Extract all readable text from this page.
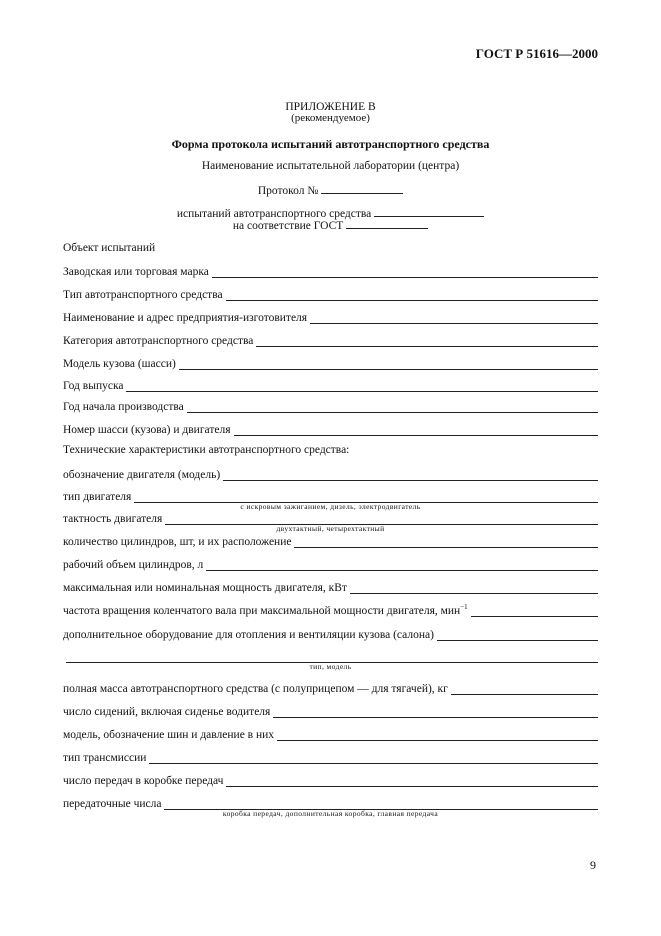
ГОСТ Р 51616—2000
ПРИЛОЖЕНИЕ В
(рекомендуемое)
Форма протокола испытаний автотранспортного средства
Наименование испытательной лаборатории (центра)
Протокол №
испытаний автотранспортного средства
на соответствие ГОСТ
Объект испытаний
Заводская или торговая марка
Тип автотранспортного средства
Наименование и адрес предприятия-изготовителя
Категория автотранспортного средства
Модель кузова (шасси)
Год выпуска
Год начала производства
Номер шасси (кузова) и двигателя
Технические характеристики автотранспортного средства:
обозначение двигателя (модель)
тип двигателя
с искровым зажиганием, дизель, электродвигатель
тактность двигателя
двухтактный, четырехтактный
количество цилиндров, шт, и их расположение
рабочий объем цилиндров, л
максимальная или номинальная мощность двигателя, кВт
частота вращения коленчатого вала при максимальной мощности двигателя, мин$^{-1}$
дополнительное оборудование для отопления и вентиляции кузова (салона)
тип, модель
полная масса автотранспортного средства (с полуприцепом — для тягачей), кг
число сидений, включая сиденье водителя
модель, обозначение шин и давление в них
тип трансмиссии
число передач в коробке передач
передаточные числа
коробка передач, дополнительная коробка, главная передача
9
